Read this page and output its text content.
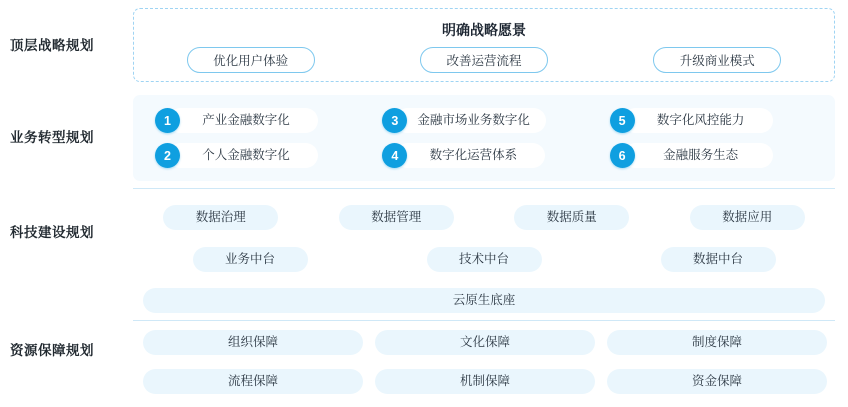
顶层战略规划
业务转型规划
科技建设规划
资源保障规划
明确战略愿景
优化用户体验	改善运营流程	升级商业模式
1	产业金融数字化	3	金融市场业务数字化	5	数字化风控能力
2	个人金融数字化	4	数字化运营体系	6	金融服务生态
数据治理	数据管理	数据质量	数据应用
业务中台	技术中台	数据中台
云原生底座
组织保障	文化保障	制度保障
流程保障	机制保障	资金保障
